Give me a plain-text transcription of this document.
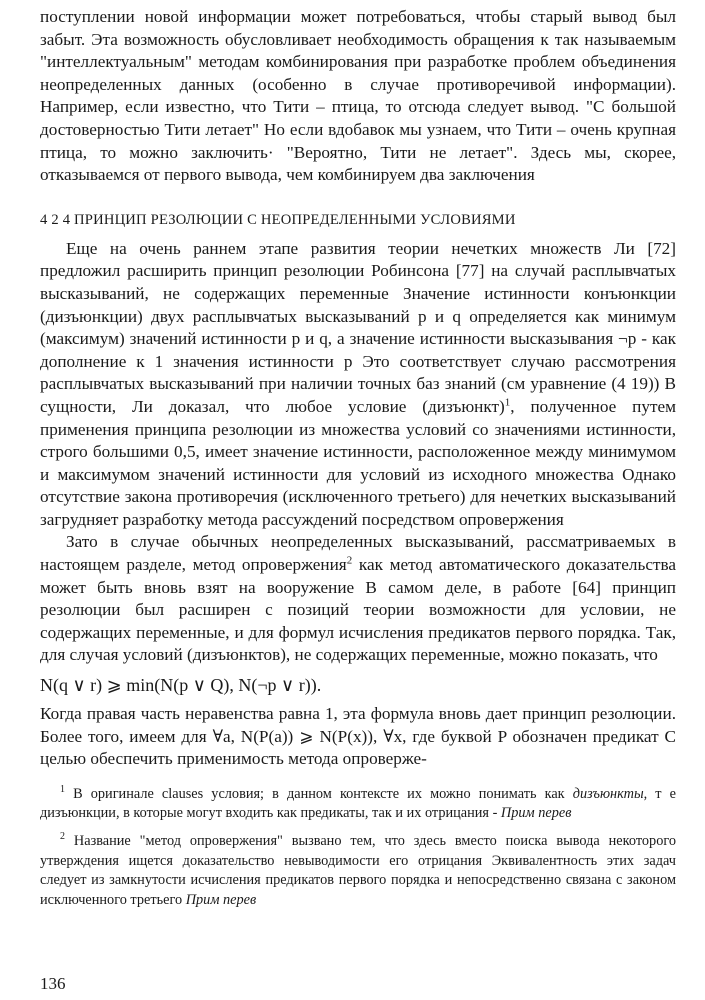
поступлении новой информации может потребоваться, чтобы старый вывод был забыт. Эта возможность обусловливает необходимость обращения к так называемым "интеллектуальным" методам комбинирования при разработке проблем объединения неопределенных данных (особенно в случае противоречивой информации). Например, если известно, что Тити – птица, то отсюда следует вывод. "С большой достоверностью Тити летает" Но если вдобавок мы узнаем, что Тити – очень крупная птица, то можно заключить· "Вероятно, Тити не летает". Здесь мы, скорее, отказываемся от первого вывода, чем комбинируем два заключения

4 2 4 ПРИНЦИП РЕЗОЛЮЦИИ С НЕОПРЕДЕЛЕННЫМИ УСЛОВИЯМИ

Еще на очень раннем этапе развития теории нечетких множеств Ли [72] предложил расширить принцип резолюции Робинсона [77] на случай расплывчатых высказываний, не содержащих переменные Значение истинности конъюнкции (дизъюнкции) двух расплывчатых высказываний p и q определяется как минимум (максимум) значений истинности p и q, а значение истинности высказывания ¬p - как дополнение к 1 значения истинности p Это соответствует случаю рассмотрения расплывчатых высказываний при наличии точных баз знаний (см уравнение (4 19)) В сущности, Ли доказал, что любое условие (дизъюнкт)$^1$, полученное путем применения принципа резолюции из множества условий со значениями истинности, строго большими 0,5, имеет значение истинности, расположенное между минимумом и максимумом значений истинности для условий из исходного множества Однако отсутствие закона противоречия (исключенного третьего) для нечетких высказываний загрудняет разработку метода рассуждений посредством опровержения

Зато в случае обычных неопределенных высказываний, рассматриваемых в настоящем разделе, метод опровержения$^2$ как метод автоматического доказательства может быть вновь взят на вооружение В самом деле, в работе [64] принцип резолюции был расширен с позиций теории возможности для условии, не содержащих переменные, и для формул исчисления предикатов первого порядка. Так, для случая условий (дизъюнктов), не содержащих переменные, можно показать, что

N(q ∨ r) ⩾ min(N(p ∨ Q), N(¬p ∨ r)).

Когда правая часть неравенства равна 1, эта формула вновь дает принцип резолюции. Более того, имеем для ∀a, N(P(a)) ⩾ N(P(x)), ∀x, где буквой P обозначен предикат С целью обеспечить применимость метода опроверже-

$^1$ В оригинале clauses условия; в данном контексте их можно понимать как дизъюнкты, т е дизъюнкции, в которые могут входить как предикаты, так и их отрицания - Прим перев

$^2$ Название "метод опровержения" вызвано тем, что здесь вместо поиска вывода некоторого утверждения ищется доказательство невыводимости его отрицания Эквивалентность этих задач следует из замкнутости исчисления предикатов первого порядка и непосредственно связана с законом исключенного третьего Прим перев

136
